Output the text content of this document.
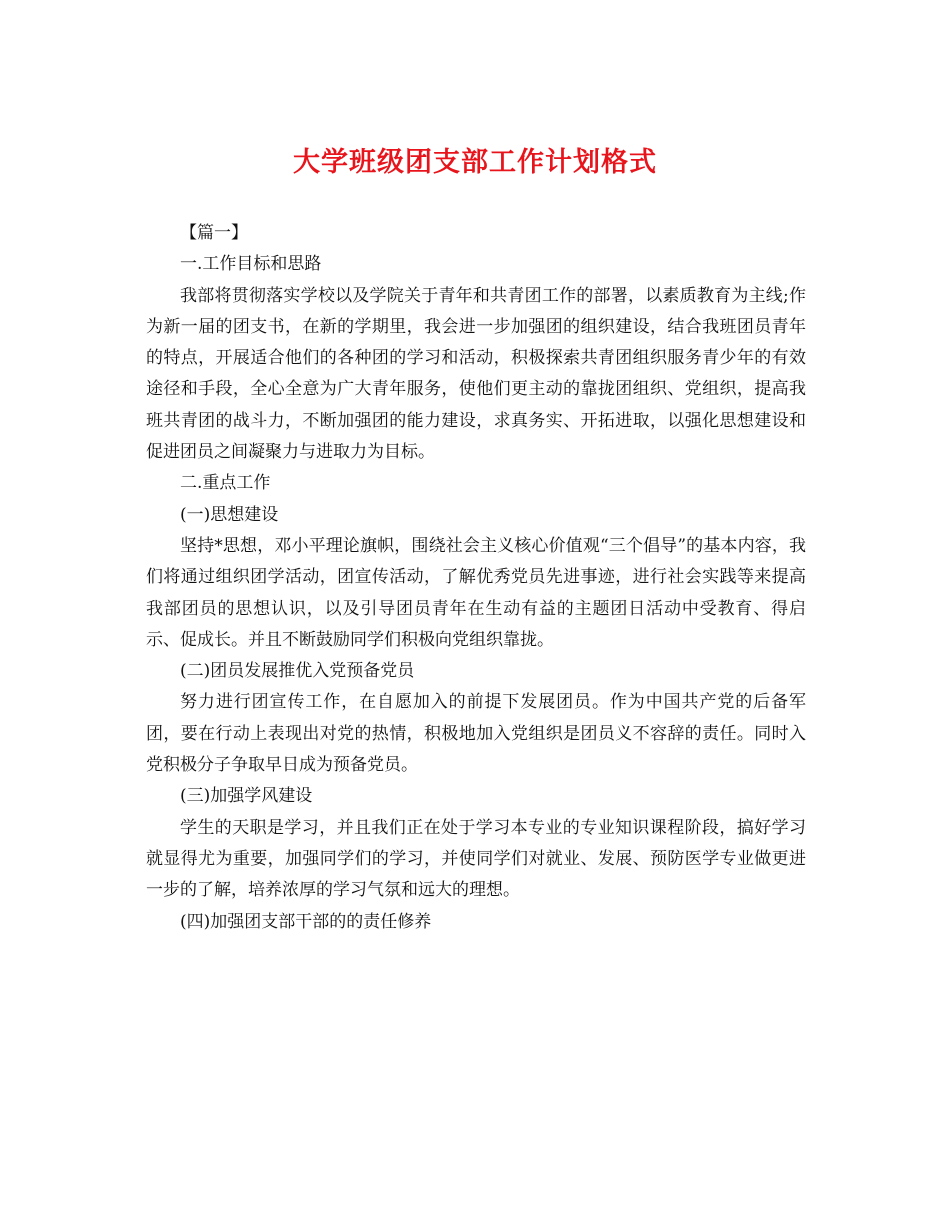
大学班级团支部工作计划格式

【篇一】

一.工作目标和思路

我部将贯彻落实学校以及学院关于青年和共青团工作的部署，以素质教育为主线;作为新一届的团支书，在新的学期里，我会进一步加强团的组织建设，结合我班团员青年的特点，开展适合他们的各种团的学习和活动，积极探索共青团组织服务青少年的有效途径和手段，全心全意为广大青年服务，使他们更主动的靠拢团组织、党组织，提高我班共青团的战斗力，不断加强团的能力建设，求真务实、开拓进取，以强化思想建设和促进团员之间凝聚力与进取力为目标。

二.重点工作

(一)思想建设

坚持*思想，邓小平理论旗帜，围绕社会主义核心价值观“三个倡导”的基本内容，我们将通过组织团学活动，团宣传活动，了解优秀党员先进事迹，进行社会实践等来提高我部团员的思想认识，以及引导团员青年在生动有益的主题团日活动中受教育、得启示、促成长。并且不断鼓励同学们积极向党组织靠拢。

(二)团员发展推优入党预备党员

努力进行团宣传工作，在自愿加入的前提下发展团员。作为中国共产党的后备军团，要在行动上表现出对党的热情，积极地加入党组织是团员义不容辞的责任。同时入党积极分子争取早日成为预备党员。

(三)加强学风建设

学生的天职是学习，并且我们正在处于学习本专业的专业知识课程阶段，搞好学习就显得尤为重要，加强同学们的学习，并使同学们对就业、发展、预防医学专业做更进一步的了解，培养浓厚的学习气氛和远大的理想。

(四)加强团支部干部的的责任修养
